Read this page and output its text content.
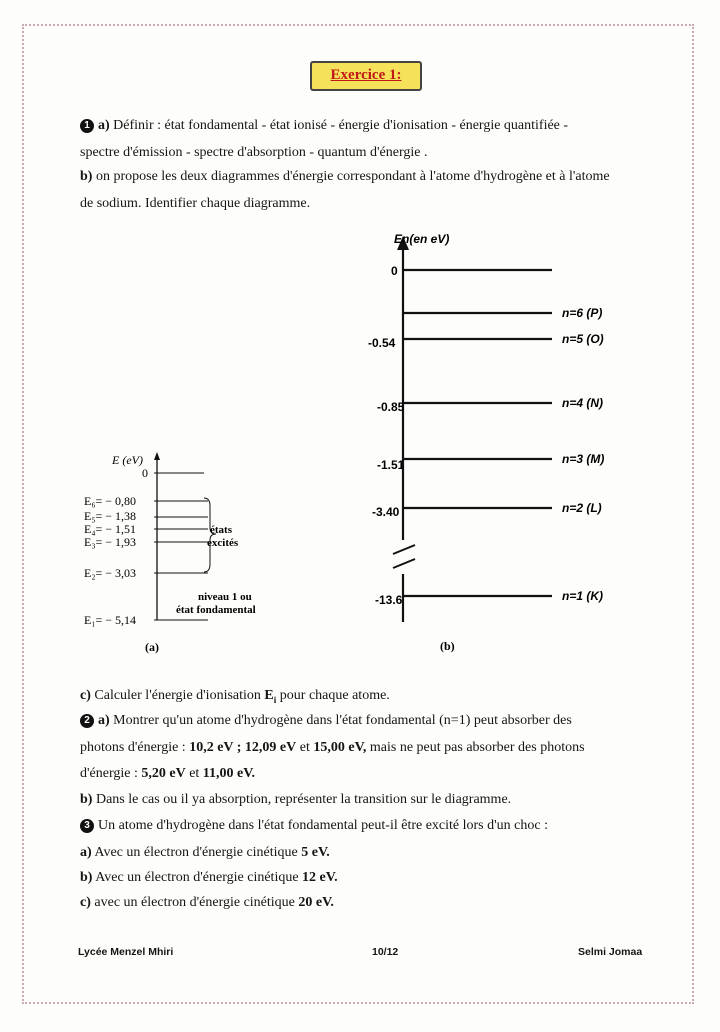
Exercice 1:
1 a) Définir : état fondamental - état ionisé - énergie d'ionisation - énergie quantifiée -
spectre d'émission - spectre d'absorption - quantum d'énergie .
b) on propose les deux diagrammes d'énergie correspondant à l'atome d'hydrogène et à l'atome
de sodium. Identifier chaque diagramme.
E (eV)
0
E₆= − 0,80
E₅= − 1,38
E₄= − 1,51
E₃= − 1,93
E₂= − 3,03
E₁= − 5,14
états
excités
niveau 1 ou
état fondamental
(a)
En(en eV)
0
-0.54
-0.85
-1.51
-3.40
-13.6
n=6 (P)
n=5 (O)
n=4 (N)
n=3 (M)
n=2 (L)
n=1 (K)
(b)
c) Calculer l'énergie d'ionisation $E_i$ pour chaque atome.
2 a) Montrer qu'un atome d'hydrogène dans l'état fondamental (n=1) peut absorber des
photons d'énergie : 10,2 eV ; 12,09 eV et 15,00 eV, mais ne peut pas absorber des photons
d'énergie : 5,20 eV et 11,00 eV.
b) Dans le cas ou il ya absorption, représenter la transition sur le diagramme.
3 Un atome d'hydrogène dans l'état fondamental peut-il être excité lors d'un choc :
a) Avec un électron d'énergie cinétique 5 eV.
b) Avec un électron d'énergie cinétique 12 eV.
c) avec un électron d'énergie cinétique 20 eV.
Lycée Menzel Mhiri	10/12	Selmi Jomaa
